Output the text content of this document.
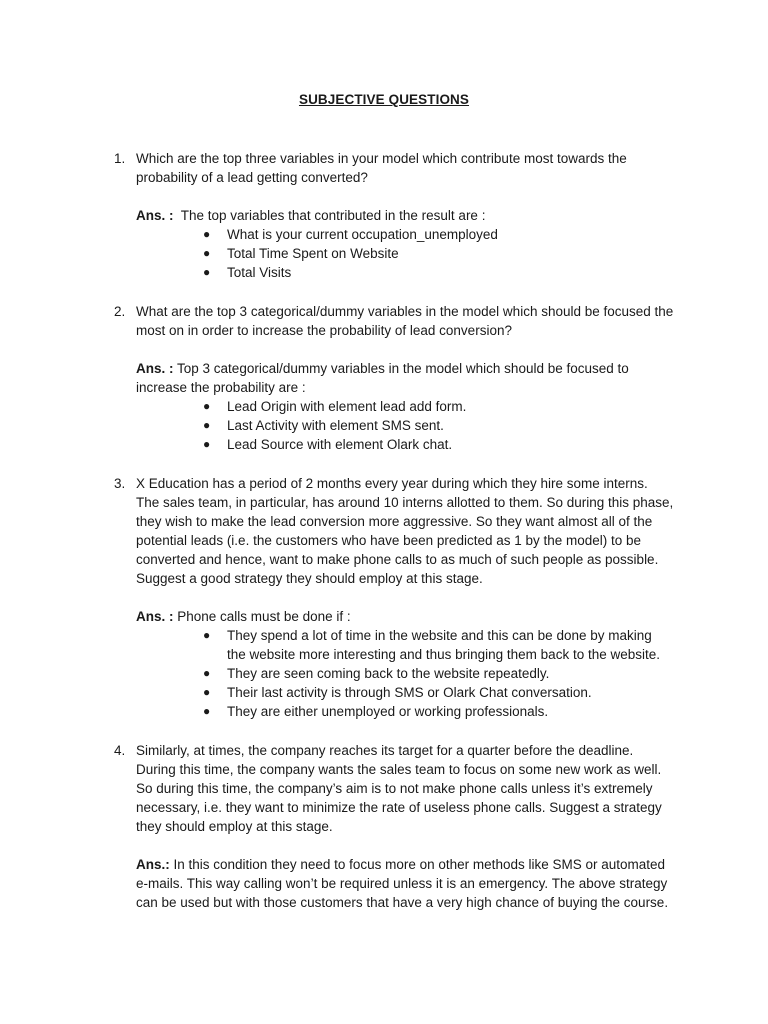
SUBJECTIVE QUESTIONS
1. Which are the top three variables in your model which contribute most towards the probability of a lead getting converted?
Ans. :  The top variables that contributed in the result are :
● What is your current occupation_unemployed
● Total Time Spent on Website
● Total Visits
2. What are the top 3 categorical/dummy variables in the model which should be focused the most on in order to increase the probability of lead conversion?
Ans. : Top 3 categorical/dummy variables in the model which should be focused to increase the probability are :
● Lead Origin with element lead add form.
● Last Activity with element SMS sent.
● Lead Source with element Olark chat.
3. X Education has a period of 2 months every year during which they hire some interns. The sales team, in particular, has around 10 interns allotted to them. So during this phase, they wish to make the lead conversion more aggressive. So they want almost all of the potential leads (i.e. the customers who have been predicted as 1 by the model) to be converted and hence, want to make phone calls to as much of such people as possible. Suggest a good strategy they should employ at this stage.
Ans. : Phone calls must be done if :
● They spend a lot of time in the website and this can be done by making the website more interesting and thus bringing them back to the website.
● They are seen coming back to the website repeatedly.
● Their last activity is through SMS or Olark Chat conversation.
● They are either unemployed or working professionals.
4. Similarly, at times, the company reaches its target for a quarter before the deadline. During this time, the company wants the sales team to focus on some new work as well. So during this time, the company’s aim is to not make phone calls unless it’s extremely necessary, i.e. they want to minimize the rate of useless phone calls. Suggest a strategy they should employ at this stage.
Ans.: In this condition they need to focus more on other methods like SMS or automated e-mails. This way calling won’t be required unless it is an emergency. The above strategy can be used but with those customers that have a very high chance of buying the course.
